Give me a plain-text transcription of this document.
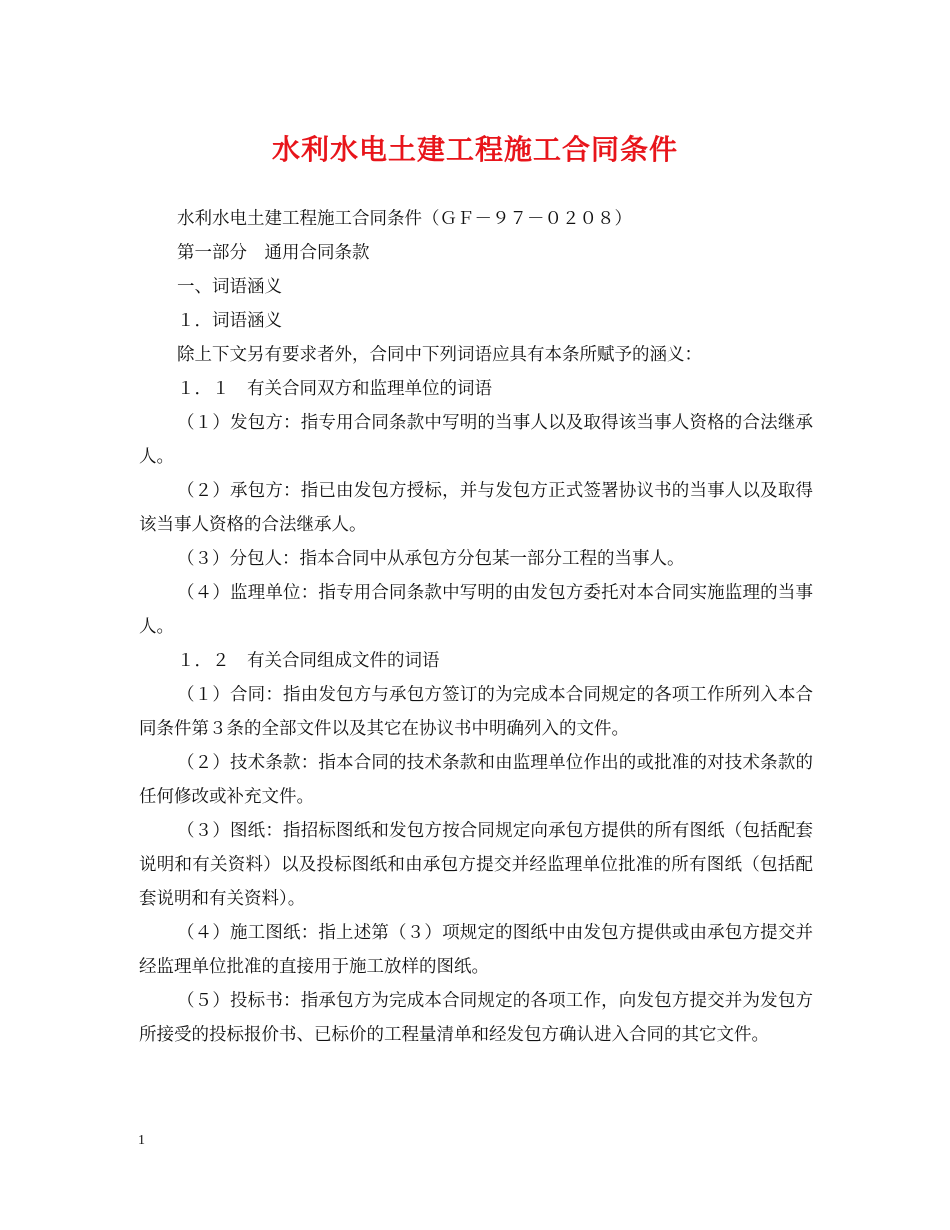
水利水电土建工程施工合同条件

水利水电土建工程施工合同条件（ＧＦ－９７－０２０８）

第一部分　通用合同条款

一、词语涵义

１．词语涵义

除上下文另有要求者外，合同中下列词语应具有本条所赋予的涵义：

１．１　有关合同双方和监理单位的词语

（１）发包方：指专用合同条款中写明的当事人以及取得该当事人资格的合法继承人。

（２）承包方：指已由发包方授标，并与发包方正式签署协议书的当事人以及取得该当事人资格的合法继承人。

（３）分包人：指本合同中从承包方分包某一部分工程的当事人。

（４）监理单位：指专用合同条款中写明的由发包方委托对本合同实施监理的当事人。

１．２　有关合同组成文件的词语

（１）合同：指由发包方与承包方签订的为完成本合同规定的各项工作所列入本合同条件第３条的全部文件以及其它在协议书中明确列入的文件。

（２）技术条款：指本合同的技术条款和由监理单位作出的或批准的对技术条款的任何修改或补充文件。

（３）图纸：指招标图纸和发包方按合同规定向承包方提供的所有图纸（包括配套说明和有关资料）以及投标图纸和由承包方提交并经监理单位批准的所有图纸（包括配套说明和有关资料）。

（４）施工图纸：指上述第（３）项规定的图纸中由发包方提供或由承包方提交并经监理单位批准的直接用于施工放样的图纸。

（５）投标书：指承包方为完成本合同规定的各项工作，向发包方提交并为发包方所接受的投标报价书、已标价的工程量清单和经发包方确认进入合同的其它文件。

1
